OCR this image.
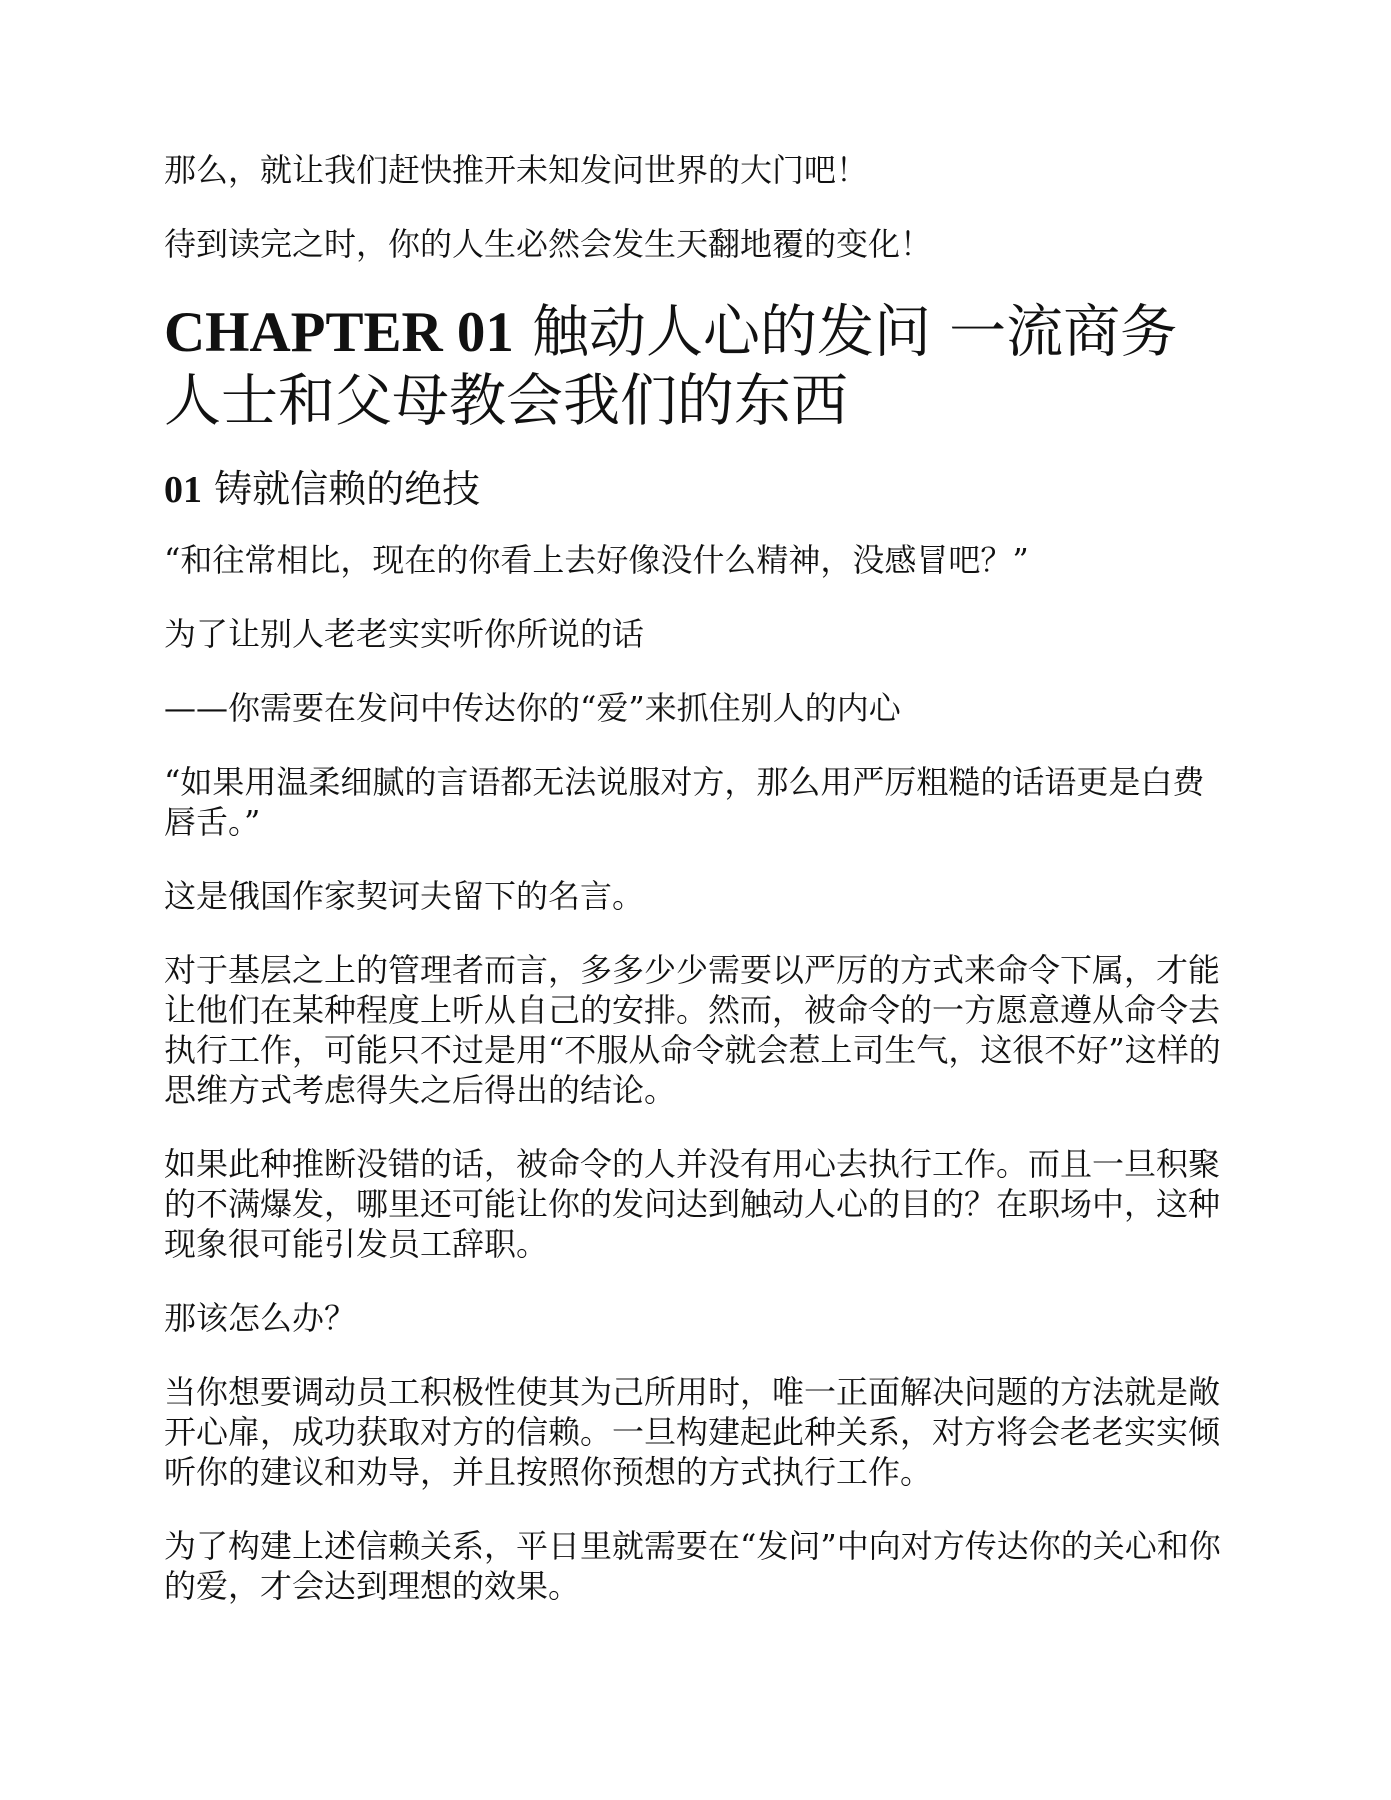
那么，就让我们赶快推开未知发问世界的大门吧！

待到读完之时，你的人生必然会发生天翻地覆的变化！

CHAPTER 01 触动人心的发问 一流商务人士和父母教会我们的东西
01 铸就信赖的绝技

“和往常相比，现在的你看上去好像没什么精神，没感冒吧？”

为了让别人老老实实听你所说的话

——你需要在发问中传达你的“爱”来抓住别人的内心

“如果用温柔细腻的言语都无法说服对方，那么用严厉粗糙的话语更是白费唇舌。”

这是俄国作家契诃夫留下的名言。

对于基层之上的管理者而言，多多少少需要以严厉的方式来命令下属，才能让他们在某种程度上听从自己的安排。然而，被命令的一方愿意遵从命令去执行工作，可能只不过是用“不服从命令就会惹上司生气，这很不好”这样的思维方式考虑得失之后得出的结论。

如果此种推断没错的话，被命令的人并没有用心去执行工作。而且一旦积聚的不满爆发，哪里还可能让你的发问达到触动人心的目的？在职场中，这种现象很可能引发员工辞职。

那该怎么办？

当你想要调动员工积极性使其为己所用时，唯一正面解决问题的方法就是敞开心扉，成功获取对方的信赖。一旦构建起此种关系，对方将会老老实实倾听你的建议和劝导，并且按照你预想的方式执行工作。

为了构建上述信赖关系，平日里就需要在“发问”中向对方传达你的关心和你的爱，才会达到理想的效果。
